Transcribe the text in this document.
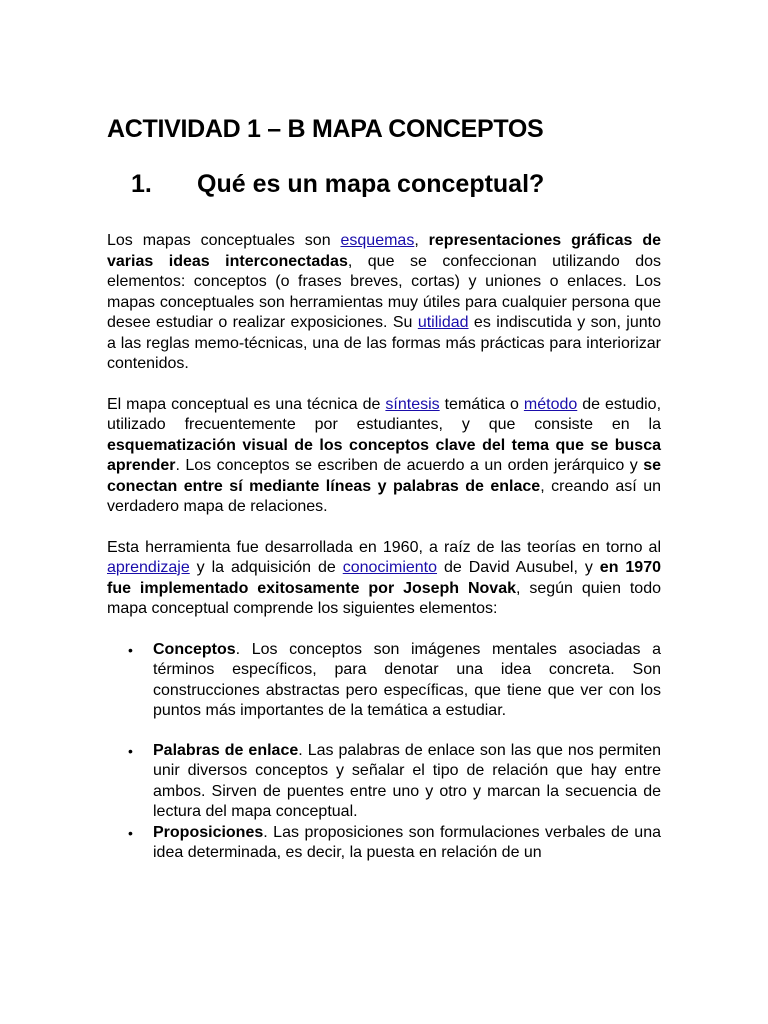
ACTIVIDAD 1 – B MAPA CONCEPTOS
1. Qué es un mapa conceptual?

Los mapas conceptuales son esquemas, representaciones gráficas de varias ideas interconectadas, que se confeccionan utilizando dos elementos: conceptos (o frases breves, cortas) y uniones o enlaces. Los mapas conceptuales son herramientas muy útiles para cualquier persona que desee estudiar o realizar exposiciones. Su utilidad es indiscutida y son, junto a las reglas memo-técnicas, una de las formas más prácticas para interiorizar contenidos.

El mapa conceptual es una técnica de síntesis temática o método de estudio, utilizado frecuentemente por estudiantes, y que consiste en la esquematización visual de los conceptos clave del tema que se busca aprender. Los conceptos se escriben de acuerdo a un orden jerárquico y se conectan entre sí mediante líneas y palabras de enlace, creando así un verdadero mapa de relaciones.

Esta herramienta fue desarrollada en 1960, a raíz de las teorías en torno al aprendizaje y la adquisición de conocimiento de David Ausubel, y en 1970 fue implementado exitosamente por Joseph Novak, según quien todo mapa conceptual comprende los siguientes elementos:

• Conceptos. Los conceptos son imágenes mentales asociadas a términos específicos, para denotar una idea concreta. Son construcciones abstractas pero específicas, que tiene que ver con los puntos más importantes de la temática a estudiar.
• Palabras de enlace. Las palabras de enlace son las que nos permiten unir diversos conceptos y señalar el tipo de relación que hay entre ambos. Sirven de puentes entre uno y otro y marcan la secuencia de lectura del mapa conceptual.
• Proposiciones. Las proposiciones son formulaciones verbales de una idea determinada, es decir, la puesta en relación de un
